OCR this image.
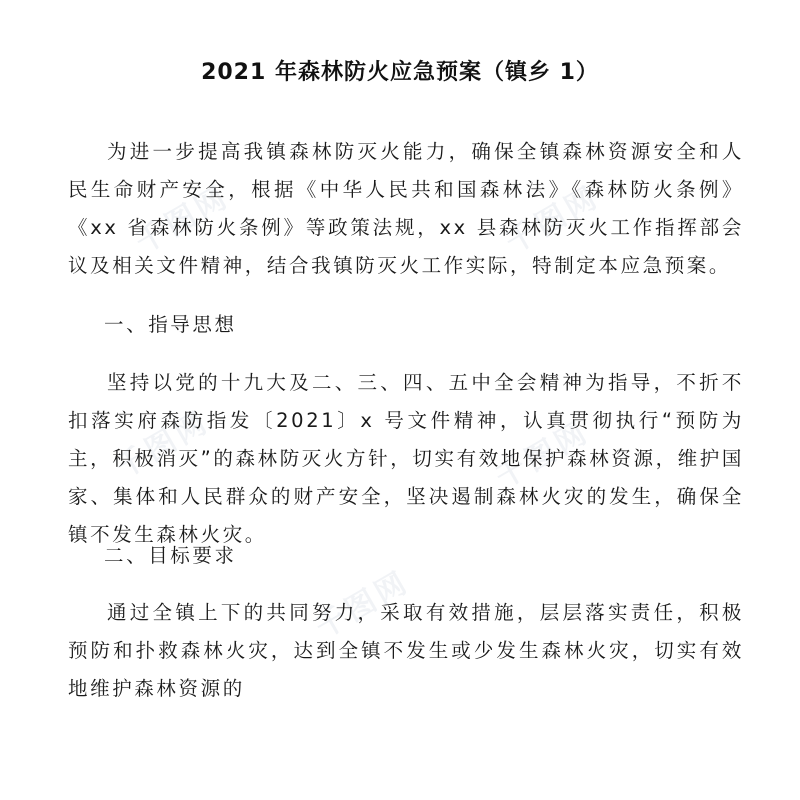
千图网	千图网
千图网	千图网
千图网
2021 年森林防火应急预案（镇乡 1）

为进一步提高我镇森林防灭火能力，确保全镇森林资源安全和人民生命财产安全，根据《中华人民共和国森林法》《森林防火条例》《xx 省森林防火条例》等政策法规，xx 县森林防灭火工作指挥部会议及相关文件精神，结合我镇防灭火工作实际，特制定本应急预案。

一、指导思想

坚持以党的十九大及二、三、四、五中全会精神为指导，不折不扣落实府森防指发〔2021〕x 号文件精神，认真贯彻执行“预防为主，积极消灭”的森林防灭火方针，切实有效地保护森林资源，维护国家、集体和人民群众的财产安全，坚决遏制森林火灾的发生，确保全镇不发生森林火灾。

二、目标要求

通过全镇上下的共同努力，采取有效措施，层层落实责任，积极预防和扑救森林火灾，达到全镇不发生或少发生森林火灾，切实有效地维护森林资源的
